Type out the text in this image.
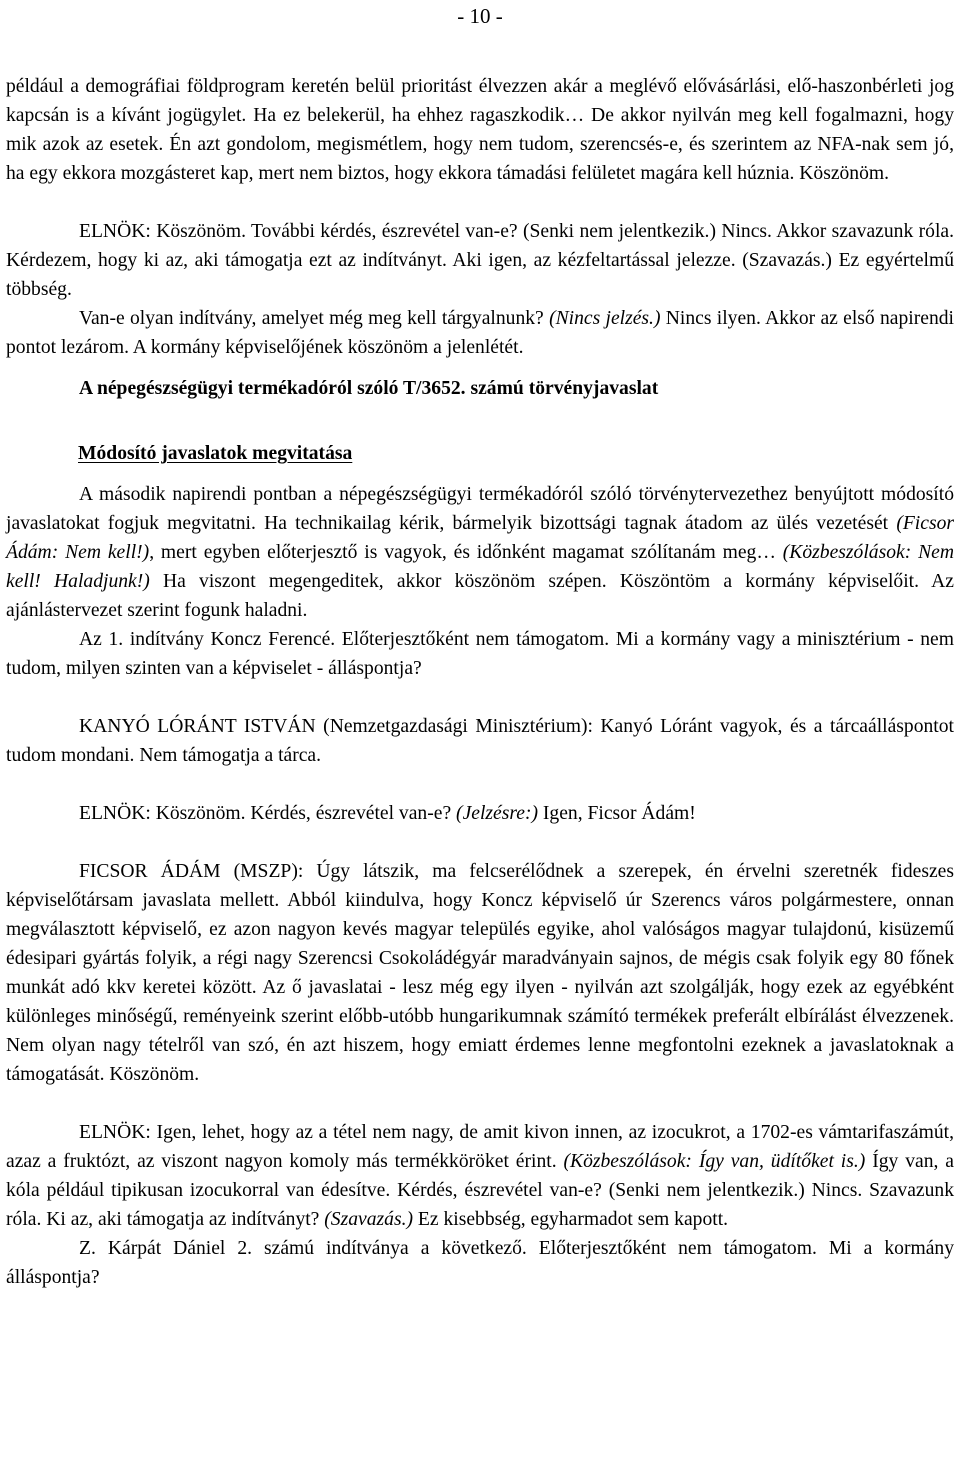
- 10 -

például a demográfiai földprogram keretén belül prioritást élvezzen akár a meglévő elővásárlási, elő-haszonbérleti jog kapcsán is a kívánt jogügylet. Ha ez belekerül, ha ehhez ragaszkodik… De akkor nyilván meg kell fogalmazni, hogy mik azok az esetek. Én azt gondolom, megismétlem, hogy nem tudom, szerencsés-e, és szerintem az NFA-nak sem jó, ha egy ekkora mozgásteret kap, mert nem biztos, hogy ekkora támadási felületet magára kell húznia. Köszönöm.

ELNÖK: Köszönöm. További kérdés, észrevétel van-e? (Senki nem jelentkezik.) Nincs. Akkor szavazunk róla. Kérdezem, hogy ki az, aki támogatja ezt az indítványt. Aki igen, az kézfeltartással jelezze. (Szavazás.) Ez egyértelmű többség.

Van-e olyan indítvány, amelyet még meg kell tárgyalnunk? (Nincs jelzés.) Nincs ilyen. Akkor az első napirendi pontot lezárom. A kormány képviselőjének köszönöm a jelenlétét.

A népegészségügyi termékadóról szóló T/3652. számú törvényjavaslat

Módosító javaslatok megvitatása

A második napirendi pontban a népegészségügyi termékadóról szóló törvénytervezethez benyújtott módosító javaslatokat fogjuk megvitatni. Ha technikailag kérik, bármelyik bizottsági tagnak átadom az ülés vezetését (Ficsor Ádám: Nem kell!), mert egyben előterjesztő is vagyok, és időnként magamat szólítanám meg… (Közbeszólások: Nem kell! Haladjunk!) Ha viszont megengeditek, akkor köszönöm szépen. Köszöntöm a kormány képviselőit. Az ajánlástervezet szerint fogunk haladni.

Az 1. indítvány Koncz Ferencé. Előterjesztőként nem támogatom. Mi a kormány vagy a minisztérium - nem tudom, milyen szinten van a képviselet - álláspontja?

KANYÓ LÓRÁNT ISTVÁN (Nemzetgazdasági Minisztérium): Kanyó Lóránt vagyok, és a tárcaálláspontot tudom mondani. Nem támogatja a tárca.

ELNÖK: Köszönöm. Kérdés, észrevétel van-e? (Jelzésre:) Igen, Ficsor Ádám!

FICSOR ÁDÁM (MSZP): Úgy látszik, ma felcserélődnek a szerepek, én érvelni szeretnék fideszes képviselőtársam javaslata mellett. Abból kiindulva, hogy Koncz képviselő úr Szerencs város polgármestere, onnan megválasztott képviselő, ez azon nagyon kevés magyar település egyike, ahol valóságos magyar tulajdonú, kisüzemű édesipari gyártás folyik, a régi nagy Szerencsi Csokoládégyár maradványain sajnos, de mégis csak folyik egy 80 főnek munkát adó kkv keretei között. Az ő javaslatai - lesz még egy ilyen - nyilván azt szolgálják, hogy ezek az egyébként különleges minőségű, reményeink szerint előbb-utóbb hungarikumnak számító termékek preferált elbírálást élvezzenek. Nem olyan nagy tételről van szó, én azt hiszem, hogy emiatt érdemes lenne megfontolni ezeknek a javaslatoknak a támogatását. Köszönöm.

ELNÖK: Igen, lehet, hogy az a tétel nem nagy, de amit kivon innen, az izocukrot, a 1702-es vámtarifaszámút, azaz a fruktózt, az viszont nagyon komoly más termékköröket érint. (Közbeszólások: Így van, üdítőket is.) Így van, a kóla például tipikusan izocukorral van édesítve. Kérdés, észrevétel van-e? (Senki nem jelentkezik.) Nincs. Szavazunk róla. Ki az, aki támogatja az indítványt? (Szavazás.) Ez kisebbség, egyharmadot sem kapott.

Z. Kárpát Dániel 2. számú indítványa a következő. Előterjesztőként nem támogatom. Mi a kormány álláspontja?
